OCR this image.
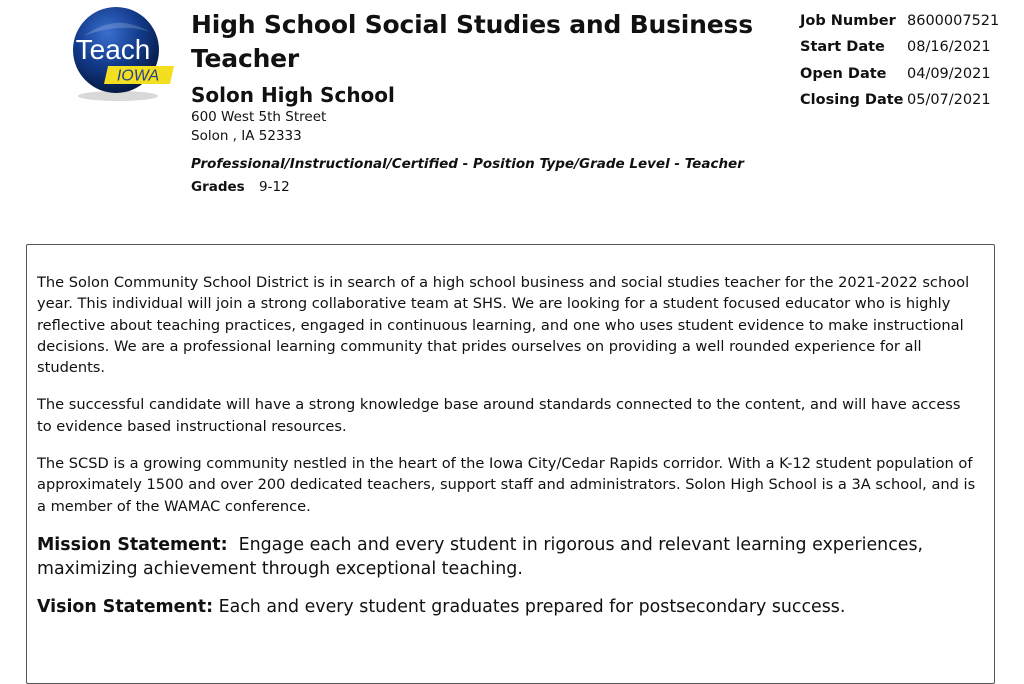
Teach
IOWA
High School Social Studies and Business Teacher
Solon High School
600 West 5th Street
Solon , IA 52333
Professional/Instructional/Certified - Position Type/Grade Level - Teacher
Grades 9-12
Job Number 8600007521
Start Date 08/16/2021
Open Date 04/09/2021
Closing Date 05/07/2021

The Solon Community School District is in search of a high school business and social studies teacher for the 2021-2022 school year. This individual will join a strong collaborative team at SHS. We are looking for a student focused educator who is highly reflective about teaching practices, engaged in continuous learning, and one who uses student evidence to make instructional decisions. We are a professional learning community that prides ourselves on providing a well rounded experience for all students.

The successful candidate will have a strong knowledge base around standards connected to the content, and will have access to evidence based instructional resources.

The SCSD is a growing community nestled in the heart of the Iowa City/Cedar Rapids corridor. With a K-12 student population of approximately 1500 and over 200 dedicated teachers, support staff and administrators. Solon High School is a 3A school, and is a member of the WAMAC conference.

Mission Statement:  Engage each and every student in rigorous and relevant learning experiences, maximizing achievement through exceptional teaching.

Vision Statement: Each and every student graduates prepared for postsecondary success.
